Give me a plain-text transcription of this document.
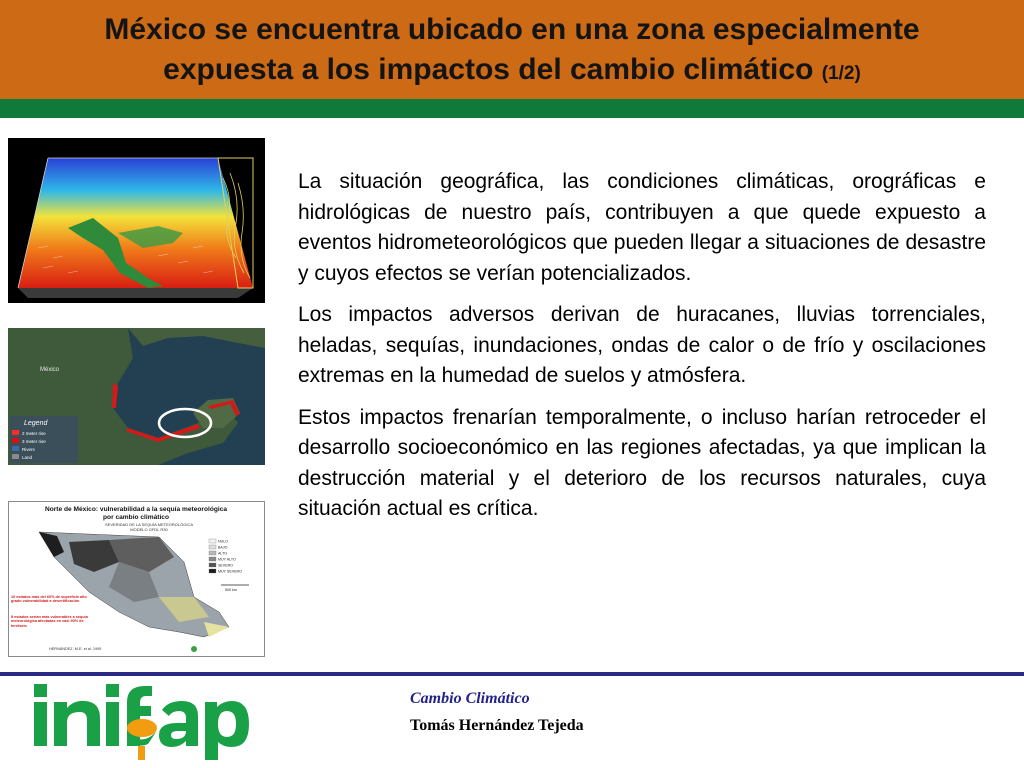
México se encuentra ubicado en una zona especialmente
expuesta a los impactos del cambio climático (1/2)
México
Legend
2 meter rise
3 meter rise
Rivers
Land
Norte de México: vulnerabilidad a la sequía meteorológica
por cambio climático
SEVERIDAD DE LA SEQUÍA METEOROLÓGICA
MODELO GFDL R30
NULO
BAJO
ALTO
MUY ALTO
SEVERO
MUY SEVERO
500 km
10 estados más del 60% de superficie alto grado vulnerabilidad a desertificación
8 estados serían más vulnerables a sequía meteorológica afectadas en casi 90% de territorio
HERNÁNDEZ, M.E. et al. 1995

La situación geográfica, las condiciones climáticas, orográficas e hidrológicas de nuestro país, contribuyen a que quede expuesto a eventos hidrometeorológicos que pueden llegar a situaciones de desastre y cuyos efectos se verían potencializados.

Los impactos adversos derivan de huracanes, lluvias torrenciales, heladas, sequías, inundaciones, ondas de calor o de frío y oscilaciones extremas en la humedad de suelos y atmósfera.

Estos impactos frenarían temporalmente, o incluso harían retroceder el desarrollo socioeconómico en las regiones afectadas, ya que implican la destrucción material y el deterioro de los recursos naturales, cuya situación actual es crítica.

Cambio Climático
Tomás Hernández Tejeda
